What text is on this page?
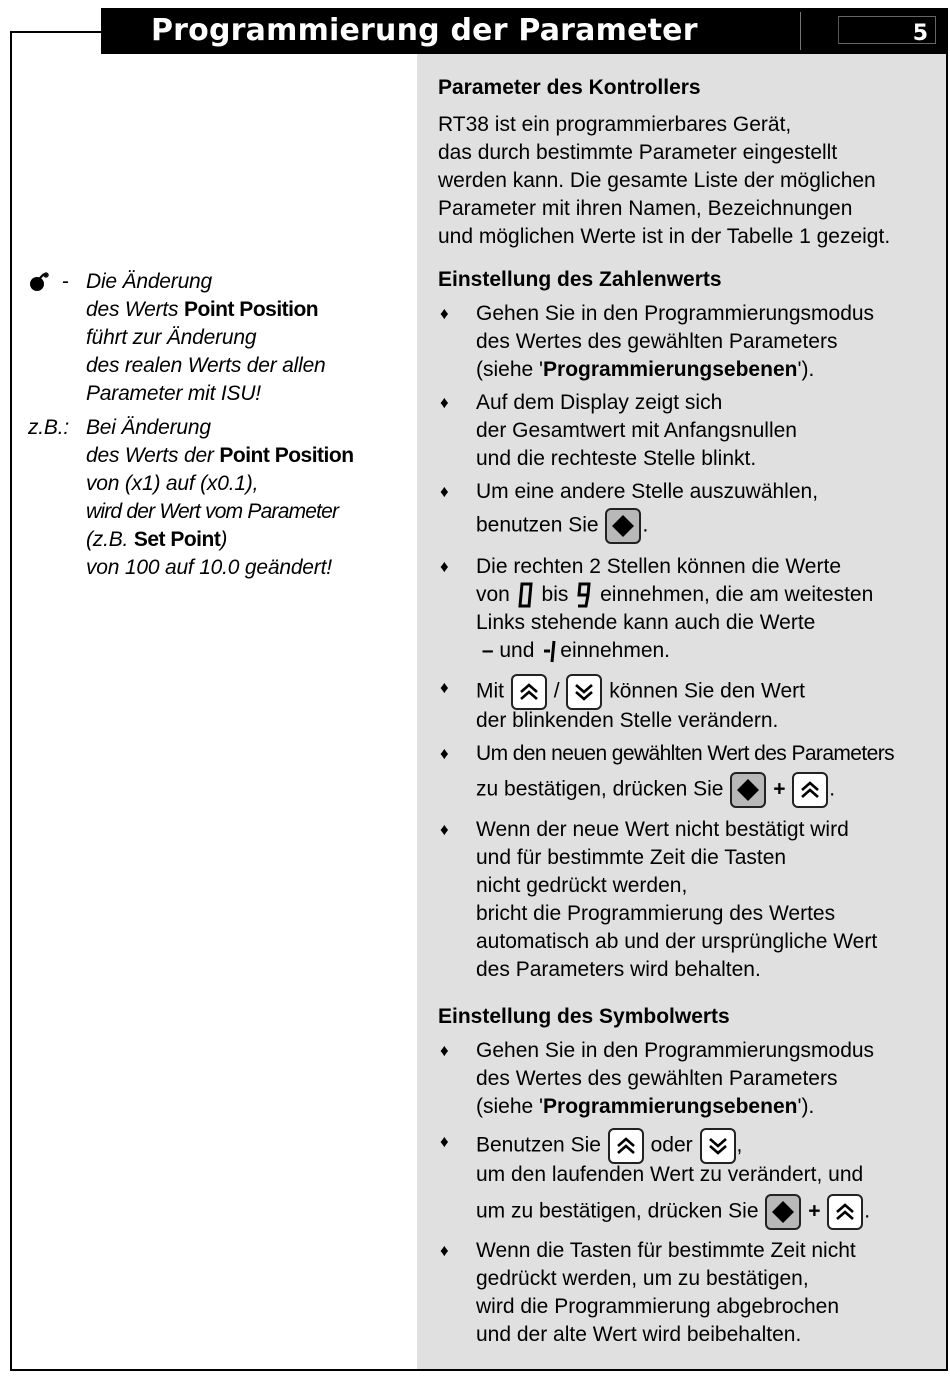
Programmierung der Parameter	5
- Die Änderung
des Werts Point Position
führt zur Änderung
des realen Werts der allen
Parameter mit ISU!
z.B.: Bei Änderung
des Werts der Point Position
von (x1) auf (x0.1),
wird der Wert vom Parameter
(z.B. Set Point)
von 100 auf 10.0 geändert!
Parameter des Kontrollers
RT38 ist ein programmierbares Gerät,
das durch bestimmte Parameter eingestellt
werden kann. Die gesamte Liste der möglichen
Parameter mit ihren Namen, Bezeichnungen
und möglichen Werte ist in der Tabelle 1 gezeigt.
Einstellung des Zahlenwerts
♦ Gehen Sie in den Programmierungsmodus
des Wertes des gewählten Parameters
(siehe 'Programmierungsebenen').
♦ Auf dem Display zeigt sich
der Gesamtwert mit Anfangsnullen
und die rechteste Stelle blinkt.
♦ Um eine andere Stelle auszuwählen,
benutzen Sie .
♦ Die rechten 2 Stellen können die Werte
von bis einnehmen, die am weitesten
Links stehende kann auch die Werte
– und einnehmen.
♦ Mit / können Sie den Wert
der blinkenden Stelle verändern.
♦ Um den neuen gewählten Wert des Parameters
zu bestätigen, drücken Sie + .
♦ Wenn der neue Wert nicht bestätigt wird
und für bestimmte Zeit die Tasten
nicht gedrückt werden,
bricht die Programmierung des Wertes
automatisch ab und der ursprüngliche Wert
des Parameters wird behalten.
Einstellung des Symbolwerts
♦ Gehen Sie in den Programmierungsmodus
des Wertes des gewählten Parameters
(siehe 'Programmierungsebenen').
♦ Benutzen Sie oder ,
um den laufenden Wert zu verändert, und
um zu bestätigen, drücken Sie + .
♦ Wenn die Tasten für bestimmte Zeit nicht
gedrückt werden, um zu bestätigen,
wird die Programmierung abgebrochen
und der alte Wert wird beibehalten.
